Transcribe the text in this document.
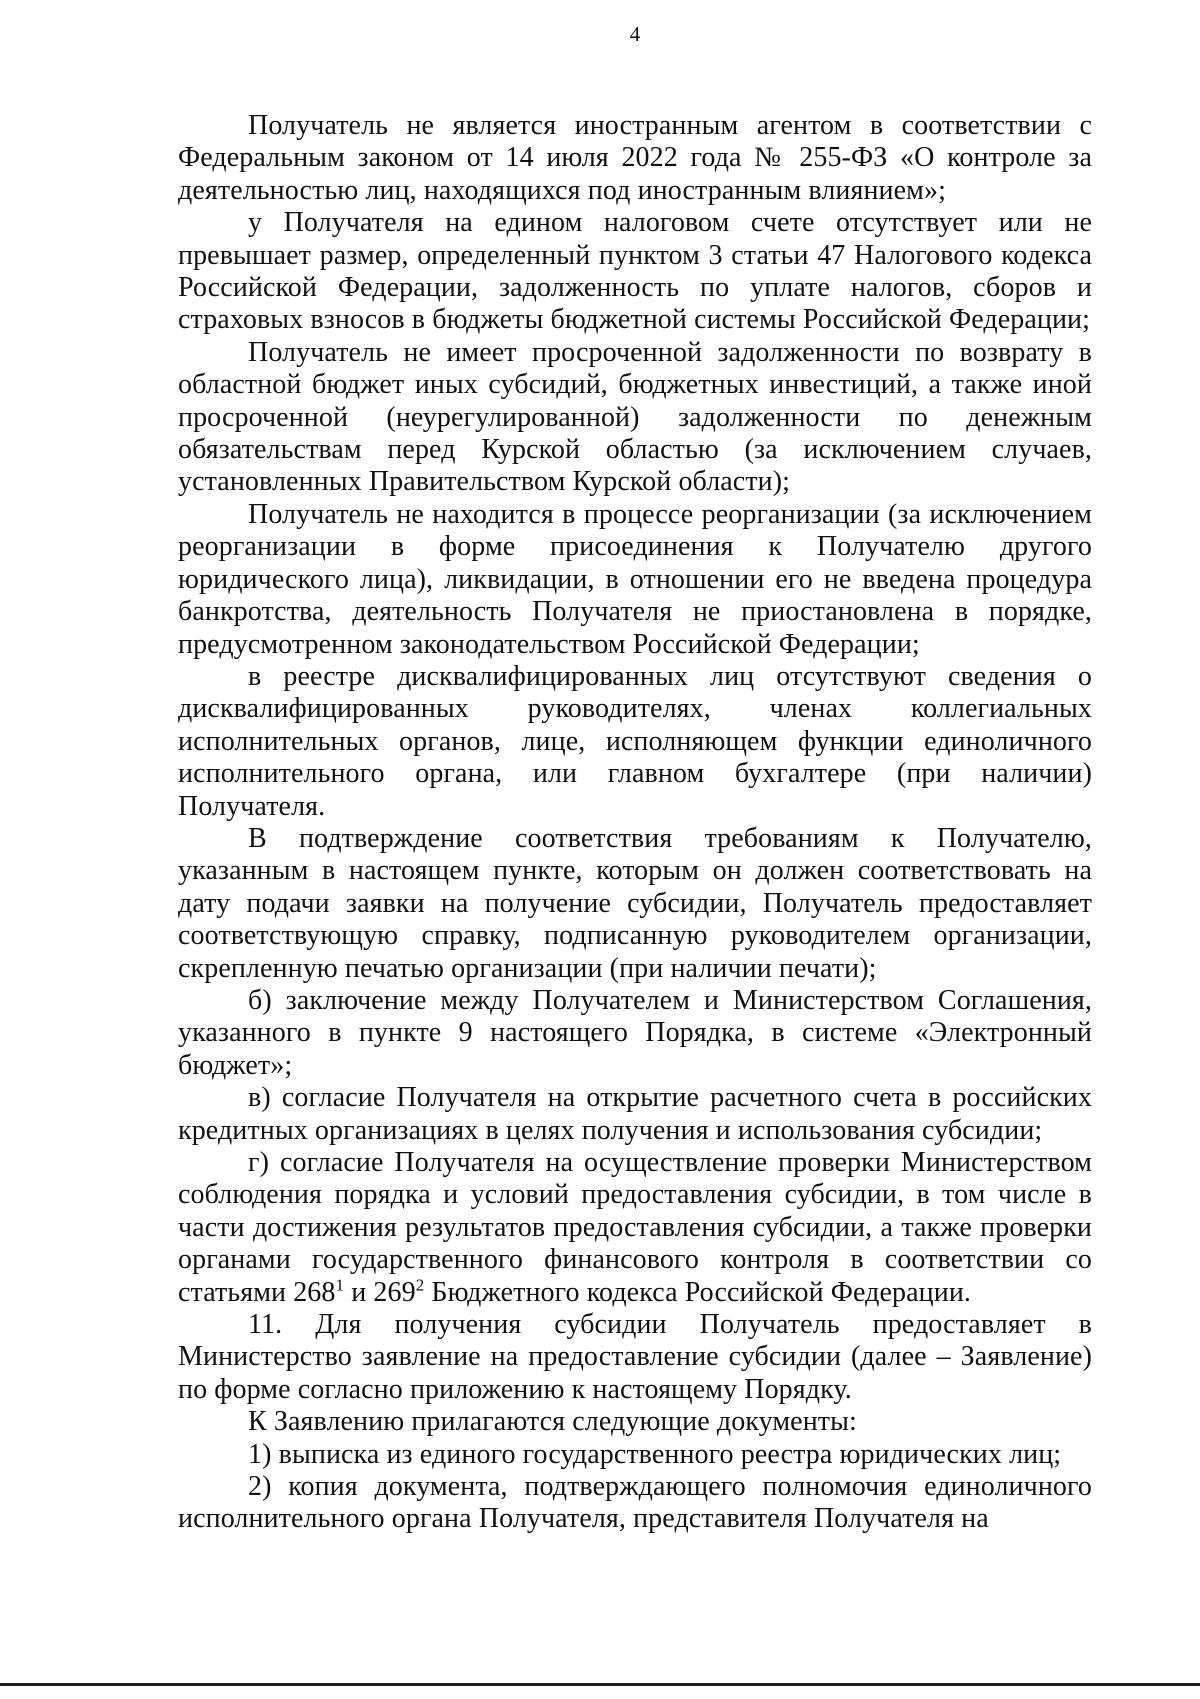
4

Получатель не является иностранным агентом в соответствии с Федеральным законом от 14 июля 2022 года № 255-ФЗ «О контроле за деятельностью лиц, находящихся под иностранным влиянием»;

у Получателя на едином налоговом счете отсутствует или не превышает размер, определенный пунктом 3 статьи 47 Налогового кодекса Российской Федерации, задолженность по уплате налогов, сборов и страховых взносов в бюджеты бюджетной системы Российской Федерации;

Получатель не имеет просроченной задолженности по возврату в областной бюджет иных субсидий, бюджетных инвестиций, а также иной просроченной (неурегулированной) задолженности по денежным обязательствам перед Курской областью (за исключением случаев, установленных Правительством Курской области);

Получатель не находится в процессе реорганизации (за исключением реорганизации в форме присоединения к Получателю другого юридического лица), ликвидации, в отношении его не введена процедура банкротства, деятельность Получателя не приостановлена в порядке, предусмотренном законодательством Российской Федерации;

в реестре дисквалифицированных лиц отсутствуют сведения о дисквалифицированных руководителях, членах коллегиальных исполнительных органов, лице, исполняющем функции единоличного исполнительного органа, или главном бухгалтере (при наличии) Получателя.

В подтверждение соответствия требованиям к Получателю, указанным в настоящем пункте, которым он должен соответствовать на дату подачи заявки на получение субсидии, Получатель предоставляет соответствующую справку, подписанную руководителем организации, скрепленную печатью организации (при наличии печати);

б) заключение между Получателем и Министерством Соглашения, указанного в пункте 9 настоящего Порядка, в системе «Электронный бюджет»;

в) согласие Получателя на открытие расчетного счета в российских кредитных организациях в целях получения и использования субсидии;

г) согласие Получателя на осуществление проверки Министерством соблюдения порядка и условий предоставления субсидии, в том числе в части достижения результатов предоставления субсидии, а также проверки органами государственного финансового контроля в соответствии со статьями $268^1$ и $269^2$ Бюджетного кодекса Российской Федерации.

11. Для получения субсидии Получатель предоставляет в Министерство заявление на предоставление субсидии (далее – Заявление) по форме согласно приложению к настоящему Порядку.

К Заявлению прилагаются следующие документы:

1) выписка из единого государственного реестра юридических лиц;

2) копия документа, подтверждающего полномочия единоличного исполнительного органа Получателя, представителя Получателя на
